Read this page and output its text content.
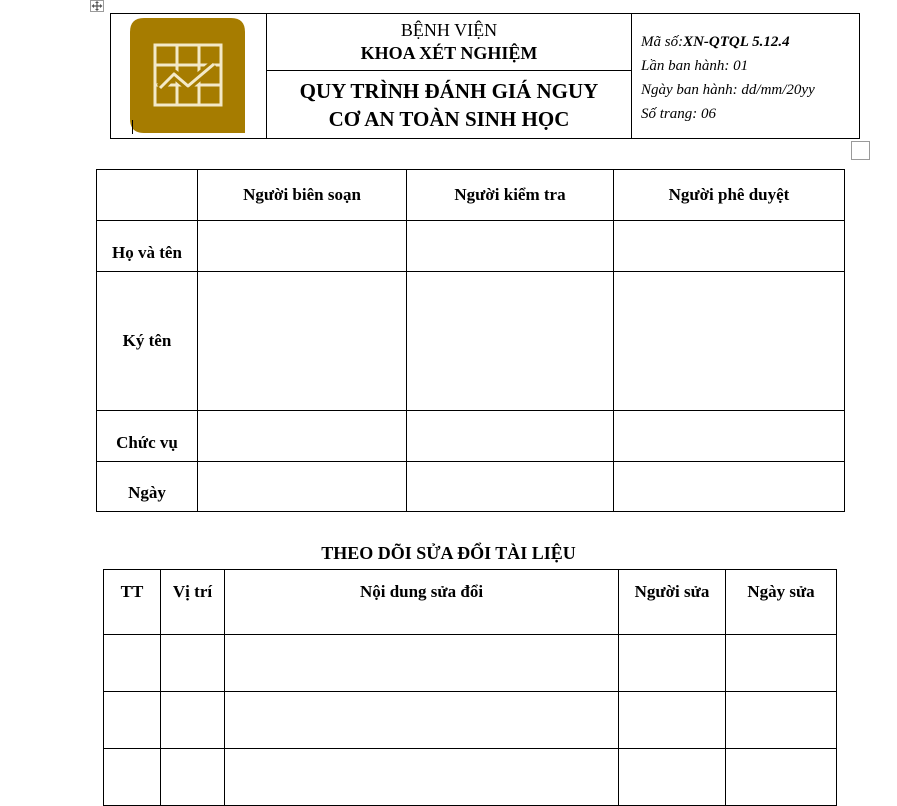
BỆNH VIỆN
KHOA XÉT NGHIỆM

Mã số:XN-QTQL 5.12.4
Lần ban hành: 01
Ngày ban hành: dd/mm/20yy
Số trang: 06

QUY TRÌNH ĐÁNH GIÁ NGUY
CƠ AN TOÀN SINH HỌC
	Người biên soạn	Người kiểm tra	Người phê duyệt
Họ và tên			
Ký tên			
Chức vụ			
Ngày			
THEO DÕI SỬA ĐỔI TÀI LIỆU
TT	Vị trí	Nội dung sửa đổi	Người sửa	Ngày sửa
